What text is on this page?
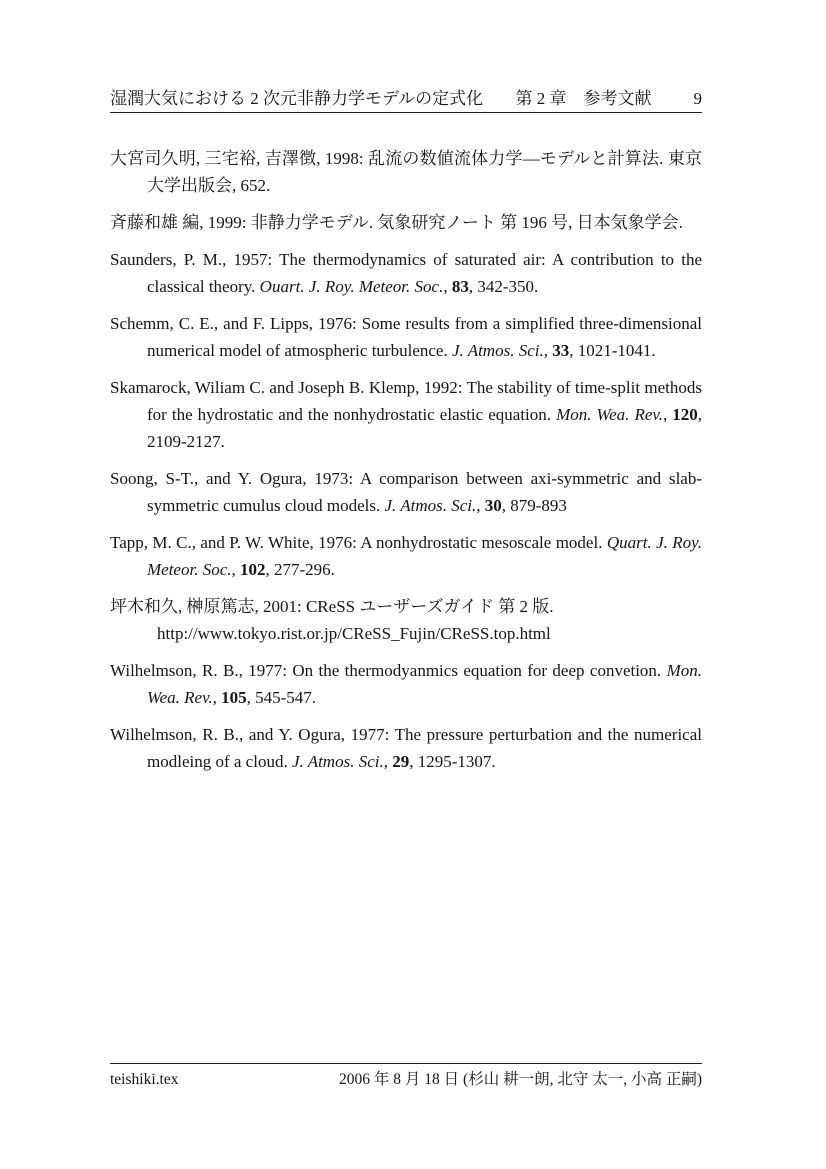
湿潤大気における 2 次元非静力学モデルの定式化	第 2 章　参考文献 9

大宮司久明, 三宅裕, 吉澤徴, 1998: 乱流の数値流体力学—モデルと計算法. 東京大学出版会, 652.

斉藤和雄 編, 1999: 非静力学モデル. 気象研究ノート 第 196 号, 日本気象学会.

Saunders, P. M., 1957: The thermodynamics of saturated air: A contribution to the classical theory. Ouart. J. Roy. Meteor. Soc., 83, 342-350.

Schemm, C. E., and F. Lipps, 1976: Some results from a simplified three-dimensional numerical model of atmospheric turbulence. J. Atmos. Sci., 33, 1021-1041.

Skamarock, Wiliam C. and Joseph B. Klemp, 1992: The stability of time-split methods for the hydrostatic and the nonhydrostatic elastic equation. Mon. Wea. Rev., 120, 2109-2127.

Soong, S-T., and Y. Ogura, 1973: A comparison between axi-symmetric and slab-symmetric cumulus cloud models. J. Atmos. Sci., 30, 879-893

Tapp, M. C., and P. W. White, 1976: A nonhydrostatic mesoscale model. Quart. J. Roy. Meteor. Soc., 102, 277-296.

坪木和久, 榊原篤志, 2001: CReSS ユーザーズガイド 第 2 版.
http://www.tokyo.rist.or.jp/CReSS_Fujin/CReSS.top.html

Wilhelmson, R. B., 1977: On the thermodyanmics equation for deep convetion. Mon. Wea. Rev., 105, 545-547.

Wilhelmson, R. B., and Y. Ogura, 1977: The pressure perturbation and the numerical modleing of a cloud. J. Atmos. Sci., 29, 1295-1307.

teishiki.tex	2006 年 8 月 18 日 (杉山 耕一朗, 北守 太一, 小高 正嗣)
